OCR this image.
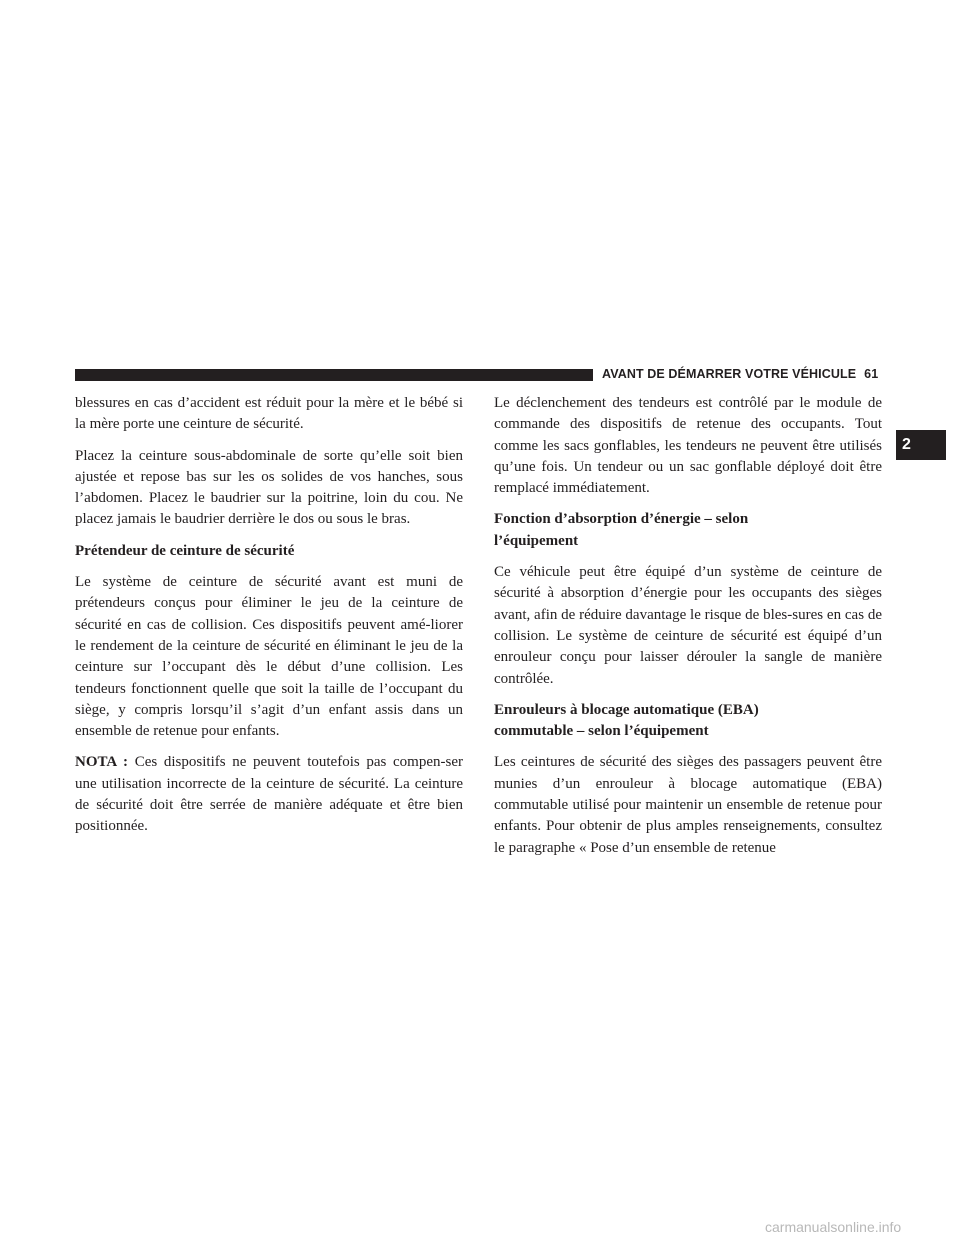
AVANT DE DÉMARRER VOTRE VÉHICULE 61
2

blessures en cas d’accident est réduit pour la mère et le bébé si la mère porte une ceinture de sécurité.

Placez la ceinture sous-abdominale de sorte qu’elle soit bien ajustée et repose bas sur les os solides de vos hanches, sous l’abdomen. Placez le baudrier sur la poitrine, loin du cou. Ne placez jamais le baudrier derrière le dos ou sous le bras.

Prétendeur de ceinture de sécurité

Le système de ceinture de sécurité avant est muni de prétendeurs conçus pour éliminer le jeu de la ceinture de sécurité en cas de collision. Ces dispositifs peuvent amé-liorer le rendement de la ceinture de sécurité en éliminant le jeu de la ceinture sur l’occupant dès le début d’une collision. Les tendeurs fonctionnent quelle que soit la taille de l’occupant du siège, y compris lorsqu’il s’agit d’un enfant assis dans un ensemble de retenue pour enfants.

NOTA : Ces dispositifs ne peuvent toutefois pas compen-ser une utilisation incorrecte de la ceinture de sécurité. La ceinture de sécurité doit être serrée de manière adéquate et être bien positionnée.

Le déclenchement des tendeurs est contrôlé par le module de commande des dispositifs de retenue des occupants. Tout comme les sacs gonflables, les tendeurs ne peuvent être utilisés qu’une fois. Un tendeur ou un sac gonflable déployé doit être remplacé immédiatement.

Fonction d’absorption d’énergie – selon
l’équipement

Ce véhicule peut être équipé d’un système de ceinture de sécurité à absorption d’énergie pour les occupants des sièges avant, afin de réduire davantage le risque de bles-sures en cas de collision. Le système de ceinture de sécurité est équipé d’un enrouleur conçu pour laisser dérouler la sangle de manière contrôlée.

Enrouleurs à blocage automatique (EBA)
commutable – selon l’équipement

Les ceintures de sécurité des sièges des passagers peuvent être munies d’un enrouleur à blocage automatique (EBA) commutable utilisé pour maintenir un ensemble de retenue pour enfants. Pour obtenir de plus amples renseignements, consultez le paragraphe « Pose d’un ensemble de retenue

carmanualsonline.info
